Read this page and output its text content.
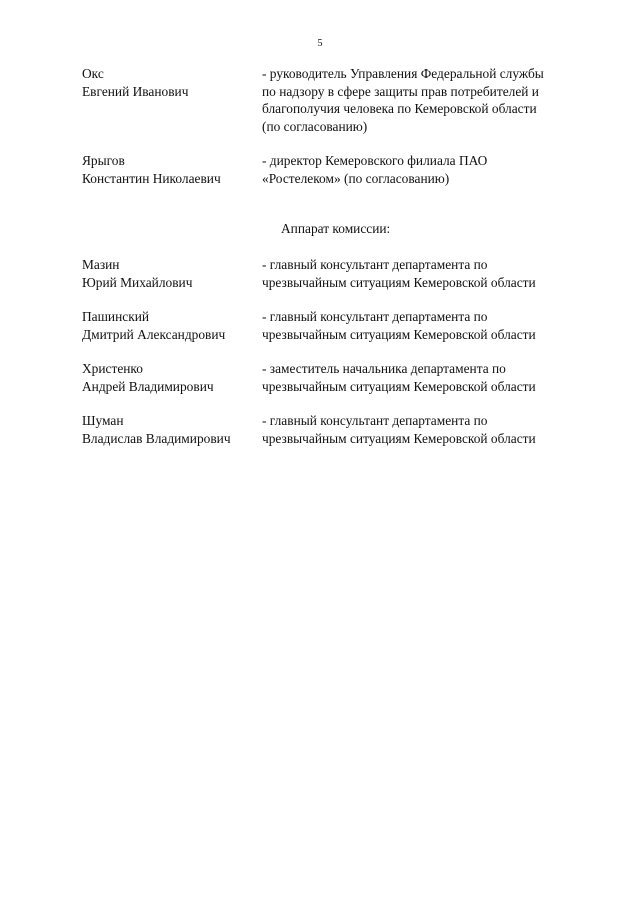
5
Окс
Евгений Иванович
- руководитель Управления Федеральной службы
по надзору в сфере защиты прав потребителей и
благополучия человека по Кемеровской области
(по согласованию)
Ярыгов
Константин Николаевич
- директор Кемеровского филиала ПАО
«Ростелеком» (по согласованию)
Аппарат комиссии:
Мазин
Юрий Михайлович
- главный консультант департамента по
чрезвычайным ситуациям Кемеровской области
Пашинский
Дмитрий Александрович
- главный консультант департамента по
чрезвычайным ситуациям Кемеровской области
Христенко
Андрей Владимирович
- заместитель начальника департамента по
чрезвычайным ситуациям Кемеровской области
Шуман
Владислав Владимирович
- главный консультант департамента по
чрезвычайным ситуациям Кемеровской области
